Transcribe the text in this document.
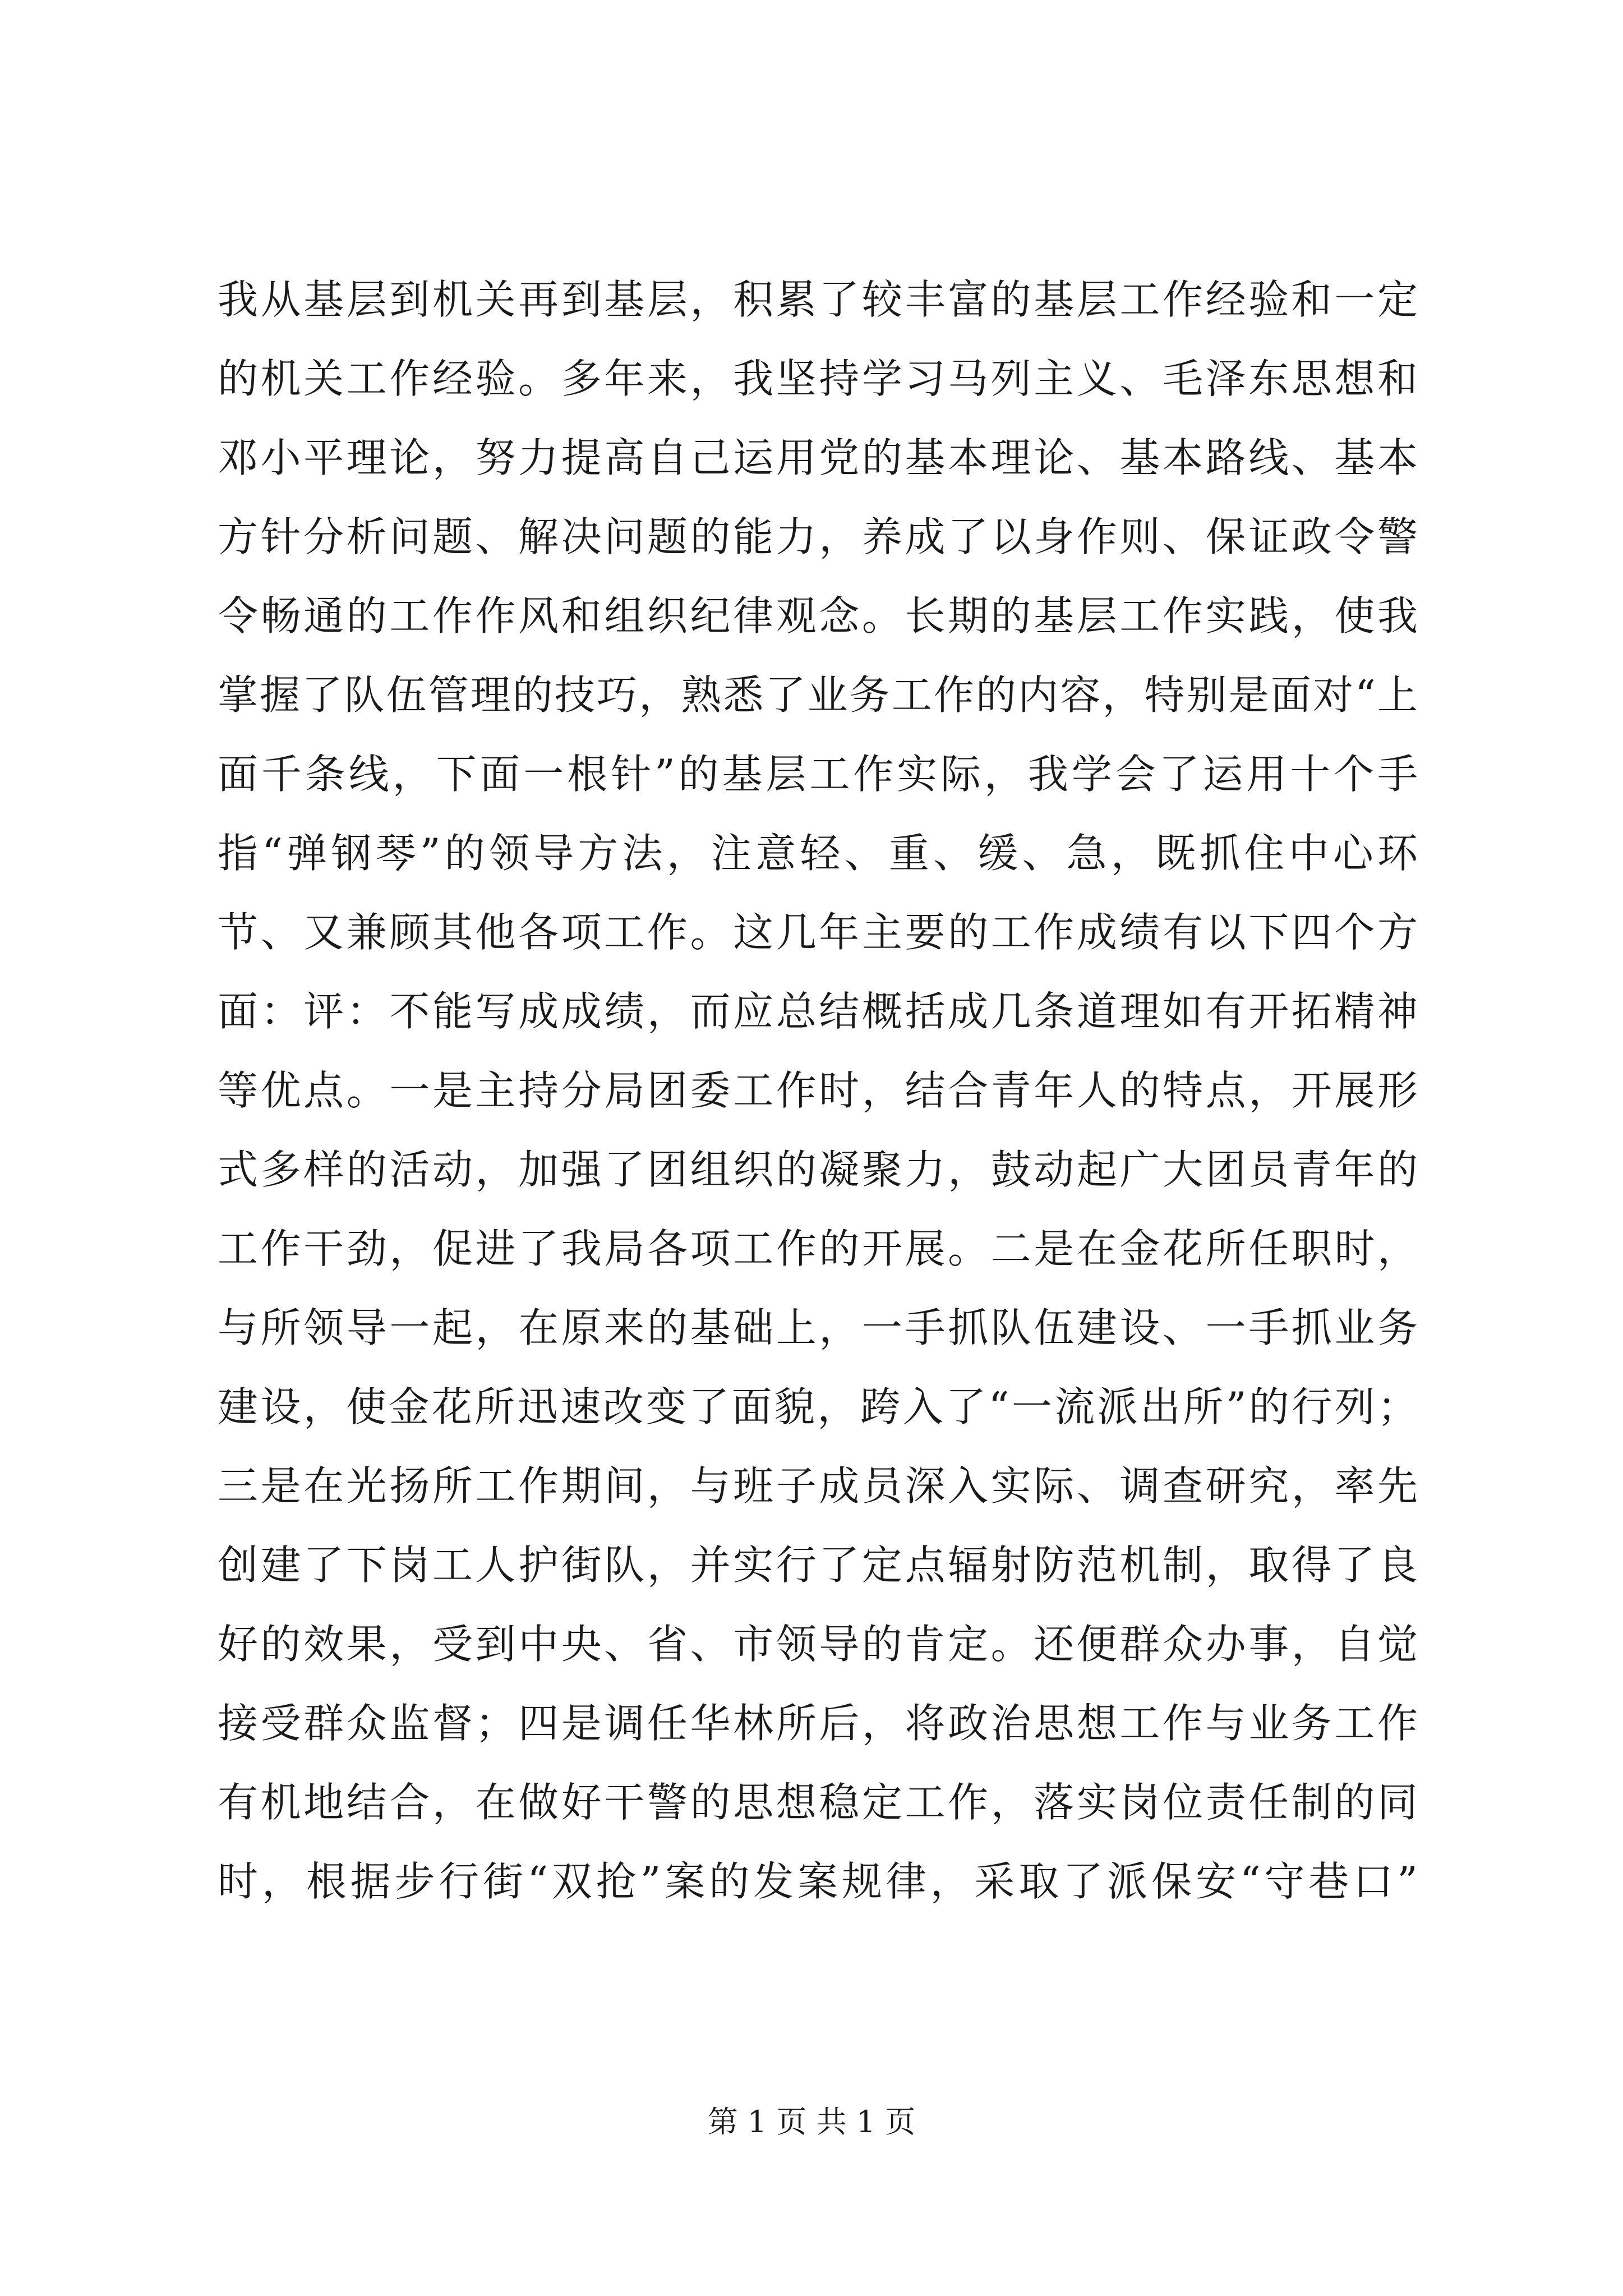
我从基层到机关再到基层，积累了较丰富的基层工作经验和一定
的机关工作经验。多年来，我坚持学习马列主义、毛泽东思想和
邓小平理论，努力提高自己运用党的基本理论、基本路线、基本
方针分析问题、解决问题的能力，养成了以身作则、保证政令警
令畅通的工作作风和组织纪律观念。长期的基层工作实践，使我
掌握了队伍管理的技巧，熟悉了业务工作的内容，特别是面对“上
面千条线，下面一根针”的基层工作实际，我学会了运用十个手
指“弹钢琴”的领导方法，注意轻、重、缓、急，既抓住中心环
节、又兼顾其他各项工作。这几年主要的工作成绩有以下四个方
面：评：不能写成成绩，而应总结概括成几条道理如有开拓精神
等优点。一是主持分局团委工作时，结合青年人的特点，开展形
式多样的活动，加强了团组织的凝聚力，鼓动起广大团员青年的
工作干劲，促进了我局各项工作的开展。二是在金花所任职时，
与所领导一起，在原来的基础上，一手抓队伍建设、一手抓业务
建设，使金花所迅速改变了面貌，跨入了“一流派出所”的行列；
三是在光扬所工作期间，与班子成员深入实际、调查研究，率先
创建了下岗工人护街队，并实行了定点辐射防范机制，取得了良
好的效果，受到中央、省、市领导的肯定。还便群众办事，自觉
接受群众监督；四是调任华林所后，将政治思想工作与业务工作
有机地结合，在做好干警的思想稳定工作，落实岗位责任制的同
时，根据步行街“双抢”案的发案规律，采取了派保安“守巷口”
第 1 页 共 1 页
